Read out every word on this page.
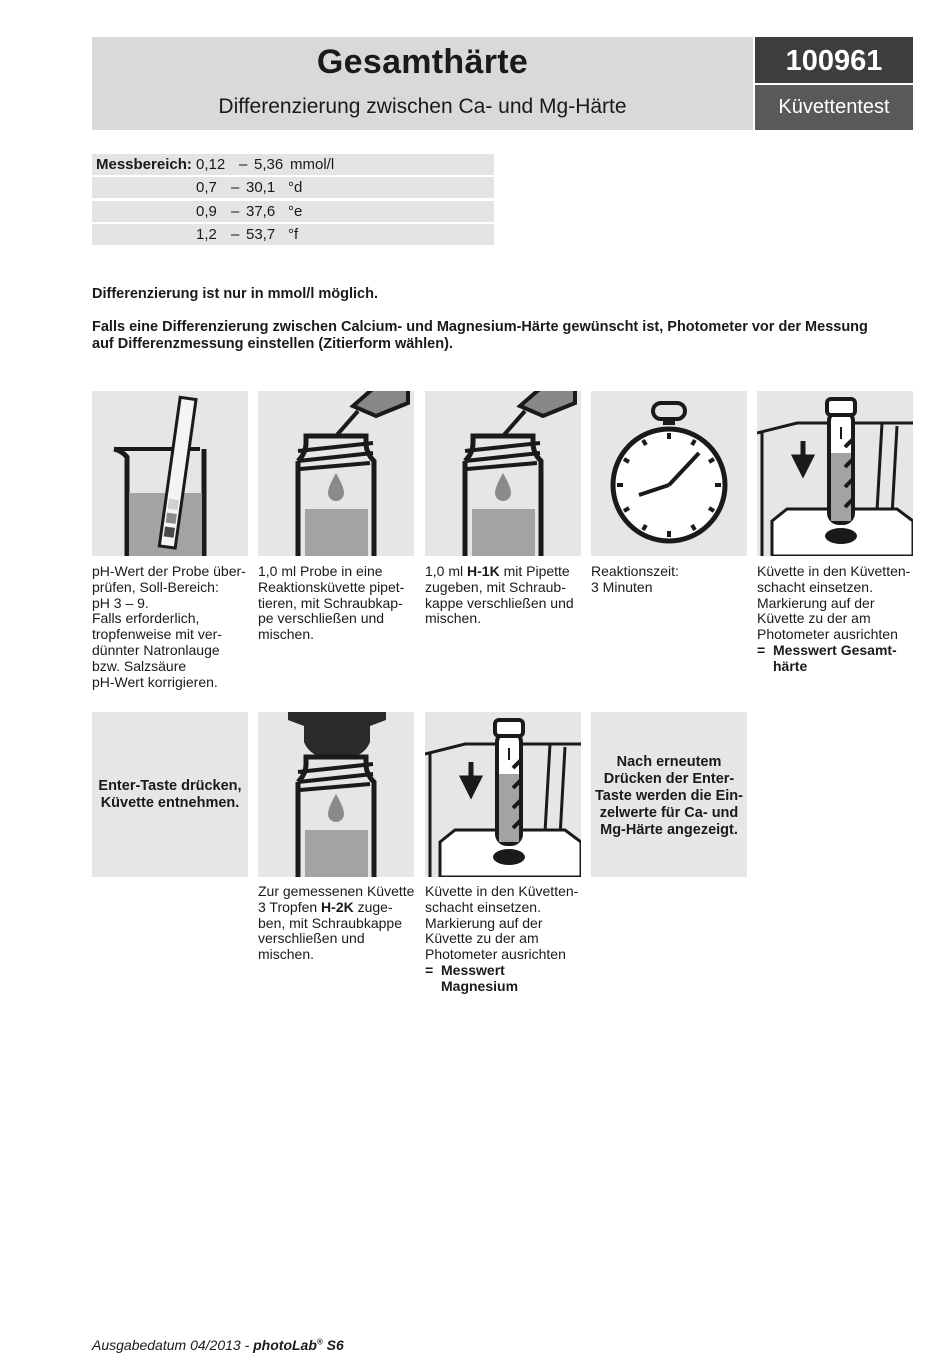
Gesamthärte
Differenzierung zwischen Ca- und Mg-Härte
100961
Küvettentest
Messbereich: 0,12 – 5,36 mmol/l
0,7 – 30,1 °d
0,9 – 37,6 °e
1,2 – 53,7 °f
Differenzierung ist nur in mmol/l möglich.
Falls eine Differenzierung zwischen Calcium- und Magnesium-Härte gewünscht ist, Photometer vor der Messung
auf Differenzmessung einstellen (Zitierform wählen).
pH-Wert der Probe über-
prüfen, Soll-Bereich:
pH 3 – 9.
Falls erforderlich,
tropfenweise mit ver-
dünnter Natronlauge
bzw. Salzsäure
pH-Wert korrigieren.
1,0 ml Probe in eine
Reaktionsküvette pipet-
tieren, mit Schraubkap-
pe verschließen und
mischen.
1,0 ml H-1K mit Pipette
zugeben, mit Schraub-
kappe verschließen und
mischen.
Reaktionszeit:
3 Minuten
Küvette in den Küvetten-
schacht einsetzen.
Markierung auf der
Küvette zu der am
Photometer ausrichten
= Messwert Gesamt-
härte
Enter-Taste drücken,
Küvette entnehmen.
Nach erneutem
Drücken der Enter-
Taste werden die Ein-
zelwerte für Ca- und
Mg-Härte angezeigt.
Zur gemessenen Küvette
3 Tropfen H-2K zuge-
ben, mit Schraubkappe
verschließen und
mischen.
Küvette in den Küvetten-
schacht einsetzen.
Markierung auf der
Küvette zu der am
Photometer ausrichten
= Messwert
Magnesium
Ausgabedatum 04/2013 - photoLab® S6
